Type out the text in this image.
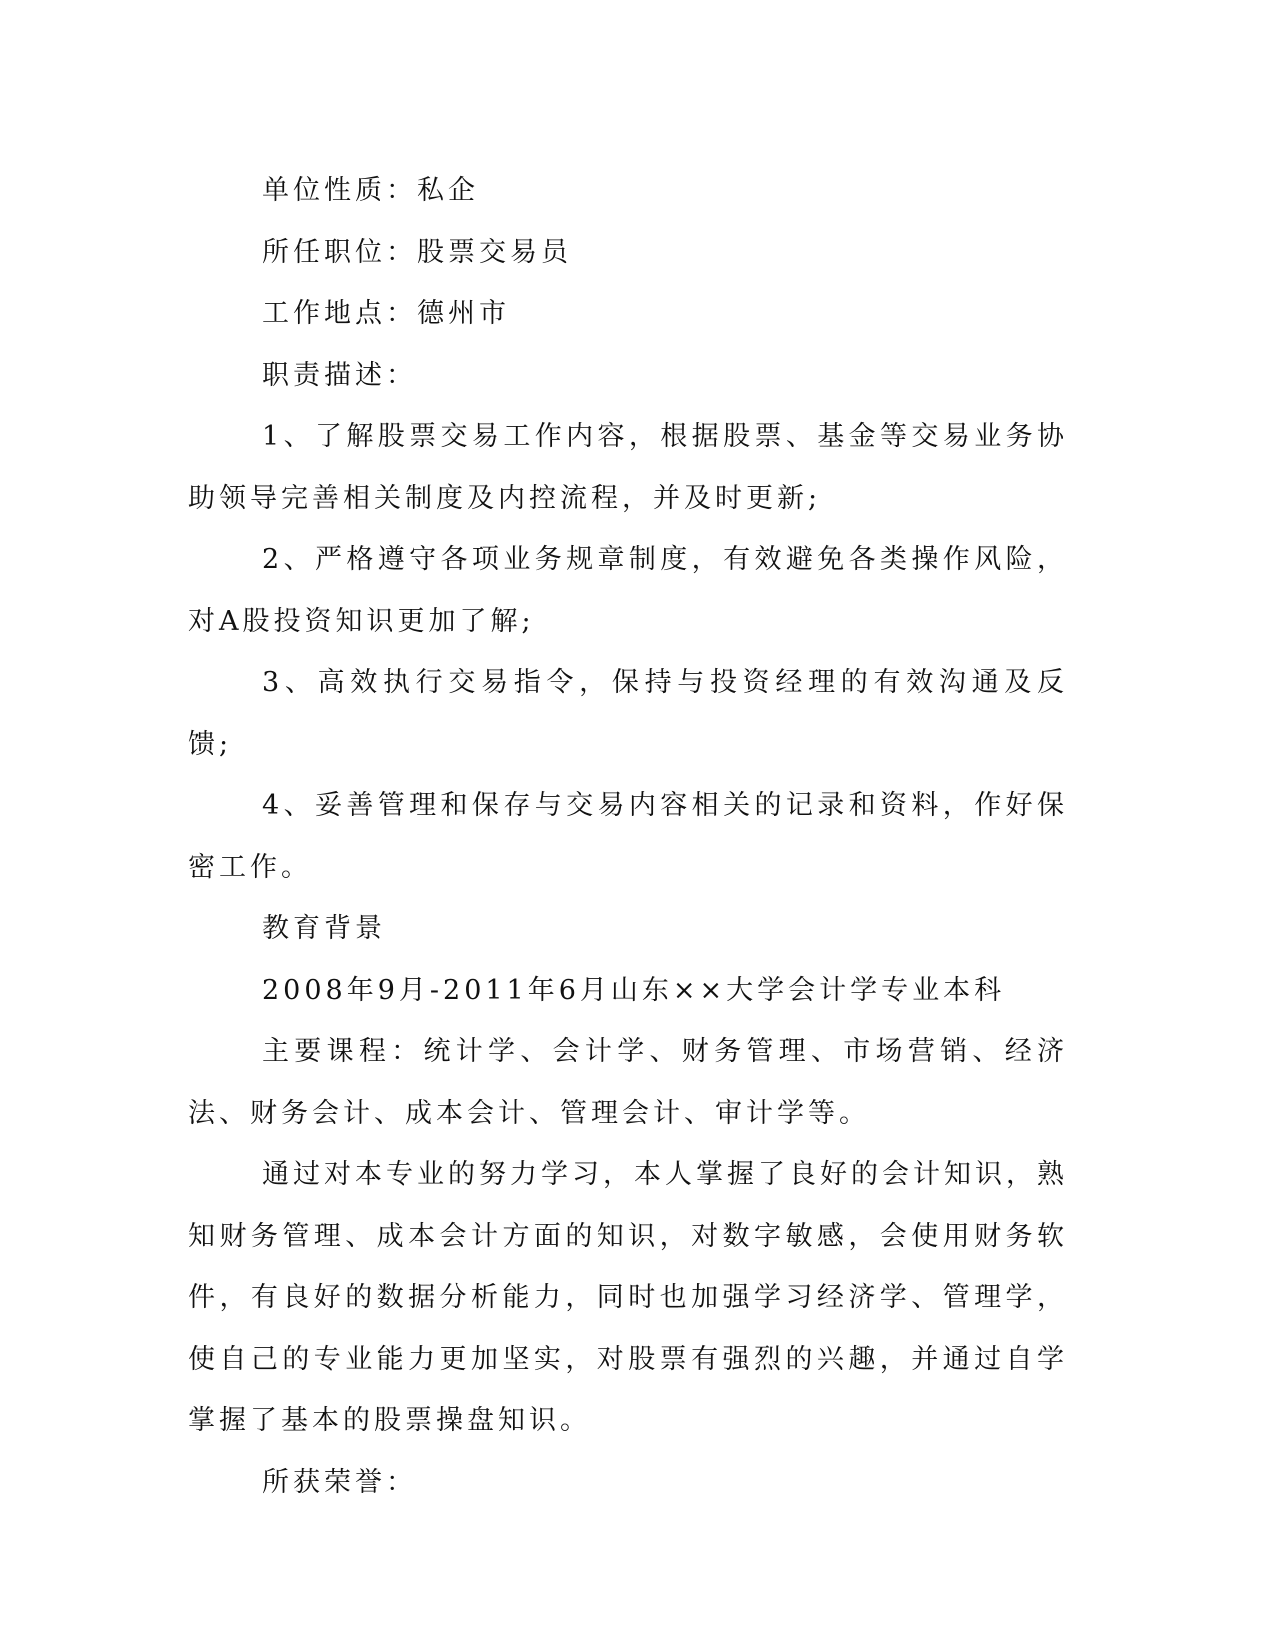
单位性质：私企

所任职位：股票交易员

工作地点：德州市

职责描述：

1、了解股票交易工作内容，根据股票、基金等交易业务协助领导完善相关制度及内控流程，并及时更新;

2、严格遵守各项业务规章制度，有效避免各类操作风险，对A股投资知识更加了解;

3、高效执行交易指令，保持与投资经理的有效沟通及反馈;

4、妥善管理和保存与交易内容相关的记录和资料，作好保密工作。

教育背景

2008年9月-2011年6月山东××大学会计学专业本科

主要课程：统计学、会计学、财务管理、市场营销、经济法、财务会计、成本会计、管理会计、审计学等。

通过对本专业的努力学习，本人掌握了良好的会计知识，熟知财务管理、成本会计方面的知识，对数字敏感，会使用财务软件，有良好的数据分析能力，同时也加强学习经济学、管理学，使自己的专业能力更加坚实，对股票有强烈的兴趣，并通过自学掌握了基本的股票操盘知识。

所获荣誉：
